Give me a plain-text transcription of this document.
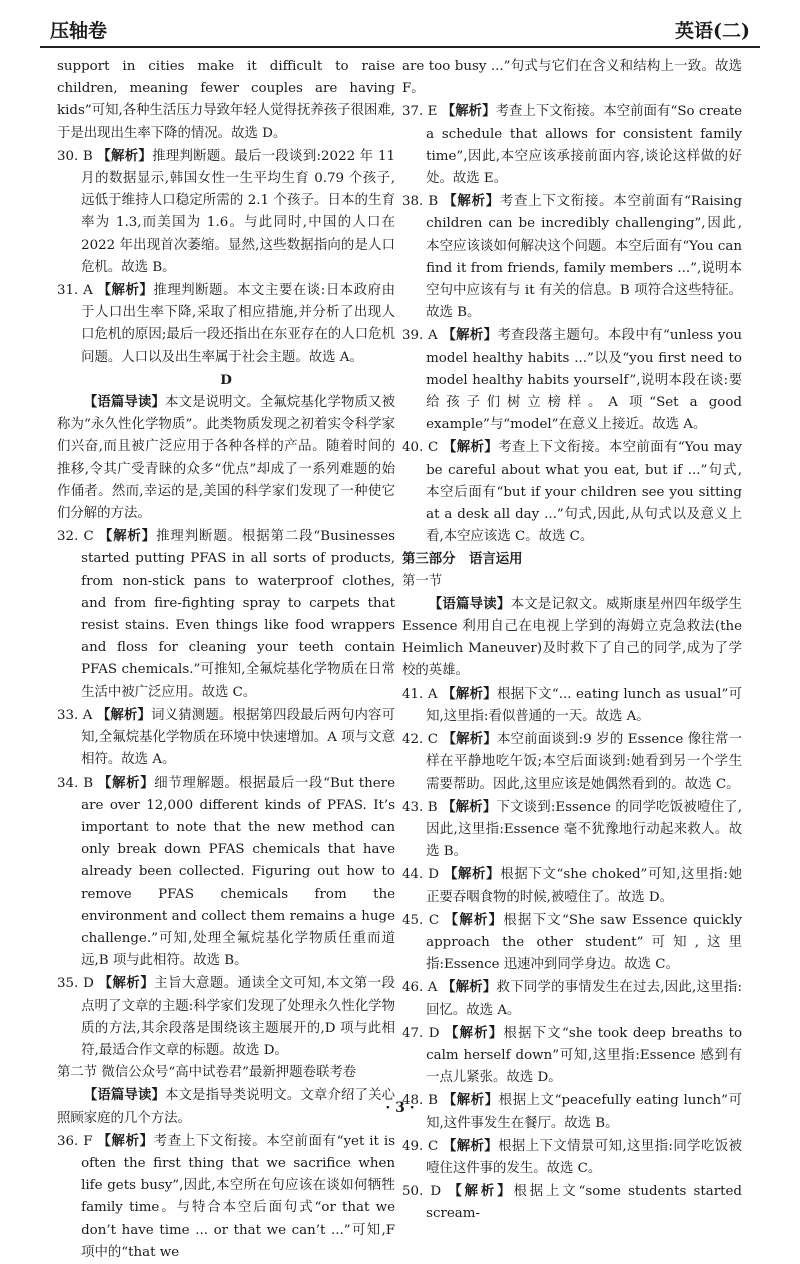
压轴卷	英语(二)

support in cities make it difficult to raise children, meaning fewer couples are having kids”可知,各种生活压力导致年轻人觉得抚养孩子很困难,于是出现出生率下降的情况。故选 D。

30. B 【解析】推理判断题。最后一段谈到:2022 年 11 月的数据显示,韩国女性一生平均生育 0.79 个孩子,远低于维持人口稳定所需的 2.1 个孩子。日本的生育率为 1.3,而美国为 1.6。与此同时,中国的人口在 2022 年出现首次萎缩。显然,这些数据指向的是人口危机。故选 B。

31. A 【解析】推理判断题。本文主要在谈:日本政府由于人口出生率下降,采取了相应措施,并分析了出现人口危机的原因;最后一段还指出在东亚存在的人口危机问题。人口以及出生率属于社会主题。故选 A。

D

【语篇导读】本文是说明文。全氟烷基化学物质又被称为“永久性化学物质”。此类物质发现之初着实令科学家们兴奋,而且被广泛应用于各种各样的产品。随着时间的推移,令其广受青睐的众多“优点”却成了一系列难题的始作俑者。然而,幸运的是,美国的科学家们发现了一种使它们分解的方法。

32. C 【解析】推理判断题。根据第二段“Businesses started putting PFAS in all sorts of products, from non-stick pans to waterproof clothes, and from fire-fighting spray to carpets that resist stains. Even things like food wrappers and floss for cleaning your teeth contain PFAS chemicals.”可推知,全氟烷基化学物质在日常生活中被广泛应用。故选 C。

33. A 【解析】词义猜测题。根据第四段最后两句内容可知,全氟烷基化学物质在环境中快速增加。A 项与文意相符。故选 A。

34. B 【解析】细节理解题。根据最后一段“But there are over 12,000 different kinds of PFAS. It’s important to note that the new method can only break down PFAS chemicals that have already been collected. Figuring out how to remove PFAS chemicals from the environment and collect them remains a huge challenge.”可知,处理全氟烷基化学物质任重而道远,B 项与此相符。故选 B。

35. D 【解析】主旨大意题。通读全文可知,本文第一段点明了文章的主题:科学家们发现了处理永久性化学物质的方法,其余段落是围绕该主题展开的,D 项与此相符,最适合作文章的标题。故选 D。

第二节 微信公众号“高中试卷君”最新押题卷联考卷

【语篇导读】本文是指导类说明文。文章介绍了关心照顾家庭的几个方法。

36. F 【解析】考查上下文衔接。本空前面有“yet it is often the first thing that we sacrifice when life gets busy”,因此,本空所在句应该在谈如何牺牲 family time。与特合本空后面句式“or that we don’t have time ... or that we can’t ...”可知,F 项中的“that we

are too busy ...”句式与它们在含义和结构上一致。故选 F。

37. E 【解析】考查上下文衔接。本空前面有“So create a schedule that allows for consistent family time”,因此,本空应该承接前面内容,谈论这样做的好处。故选 E。

38. B 【解析】考查上下文衔接。本空前面有“Raising children can be incredibly challenging”,因此,本空应该谈如何解决这个问题。本空后面有“You can find it from friends, family members ...”,说明本空句中应该有与 it 有关的信息。B 项符合这些特征。故选 B。

39. A 【解析】考查段落主题句。本段中有“unless you model healthy habits ...”以及“you first need to model healthy habits yourself”,说明本段在谈:要给孩子们树立榜样。A 项“Set a good example”与“model”在意义上接近。故选 A。

40. C 【解析】考查上下文衔接。本空前面有“You may be careful about what you eat, but if ...”句式,本空后面有“but if your children see you sitting at a desk all day ...”句式,因此,从句式以及意义上看,本空应该选 C。故选 C。

第三部分　语言运用

第一节

【语篇导读】本文是记叙文。威斯康星州四年级学生 Essence 利用自己在电视上学到的海姆立克急救法(the Heimlich Maneuver)及时救下了自己的同学,成为了学校的英雄。

41. A 【解析】根据下文“... eating lunch as usual”可知,这里指:看似普通的一天。故选 A。

42. C 【解析】本空前面谈到:9 岁的 Essence 像往常一样在平静地吃午饭;本空后面谈到:她看到另一个学生需要帮助。因此,这里应该是她偶然看到的。故选 C。

43. B 【解析】下文谈到:Essence 的同学吃饭被噎住了,因此,这里指:Essence 毫不犹豫地行动起来救人。故选 B。

44. D 【解析】根据下文“she choked”可知,这里指:她正要吞咽食物的时候,被噎住了。故选 D。

45. C 【解析】根据下文“She saw Essence quickly approach the other student”可知,这里指:Essence 迅速冲到同学身边。故选 C。

46. A 【解析】救下同学的事情发生在过去,因此,这里指:回忆。故选 A。

47. D 【解析】根据下文“she took deep breaths to calm herself down”可知,这里指:Essence 感到有一点儿紧张。故选 D。

48. B 【解析】根据上文“peacefully eating lunch”可知,这件事发生在餐厅。故选 B。

49. C 【解析】根据上下文情景可知,这里指:同学吃饭被噎住这件事的发生。故选 C。

50. D 【解析】根据上文“some students started scream-

· 3 ·
